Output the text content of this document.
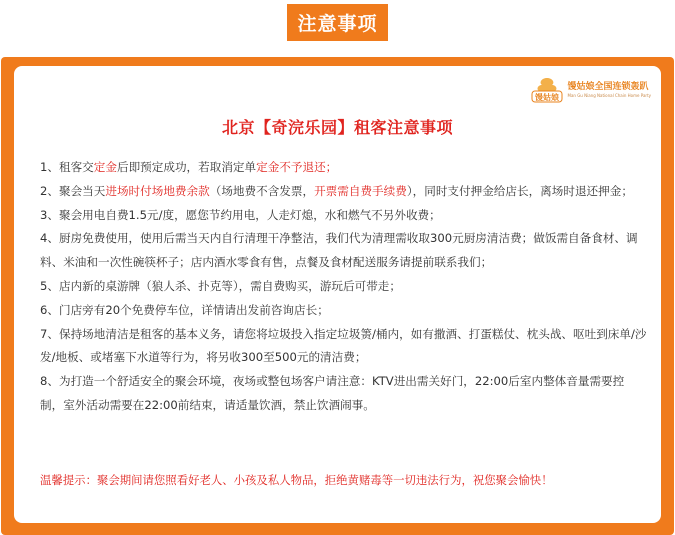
注意事项
馒姑娘
馒姑娘全国连锁轰趴
Man Gu Niang National Chain Home Party
北京【奇浣乐园】租客注意事项

1、租客交定金后即预定成功，若取消定单定金不予退还；

2、聚会当天进场时付场地费余款（场地费不含发票，开票需自费手续费），同时支付押金给店长，离场时退还押金；

3、聚会用电自费1.5元/度，愿您节约用电，人走灯熄，水和燃气不另外收费；

4、厨房免费使用，使用后需当天内自行清理干净整洁，我们代为清理需收取300元厨房清洁费；做饭需自备食材、调料、米油和一次性碗筷杯子；店内酒水零食有售，点餐及食材配送服务请提前联系我们；

5、店内新的桌游牌（狼人杀、扑克等），需自费购买，游玩后可带走；

6、门店旁有20个免费停车位，详情请出发前咨询店长；

7、保持场地清洁是租客的基本义务，请您将垃圾投入指定垃圾箦/桶内，如有撒酒、打蛋糕仗、枕头战、呕吐到床单/沙发/地板、或堵塞下水道等行为，将另收300至500元的清洁费；

8、为打造一个舒适安全的聚会环境，夜场或整包场客户请注意：KTV进出需关好门，22:00后室内整体音量需要控制，室外活动需要在22:00前结束，请适量饮酒，禁止饮酒闹事。

温馨提示：聚会期间请您照看好老人、小孩及私人物品，拒绝黄赌毒等一切违法行为，祝您聚会愉快！
